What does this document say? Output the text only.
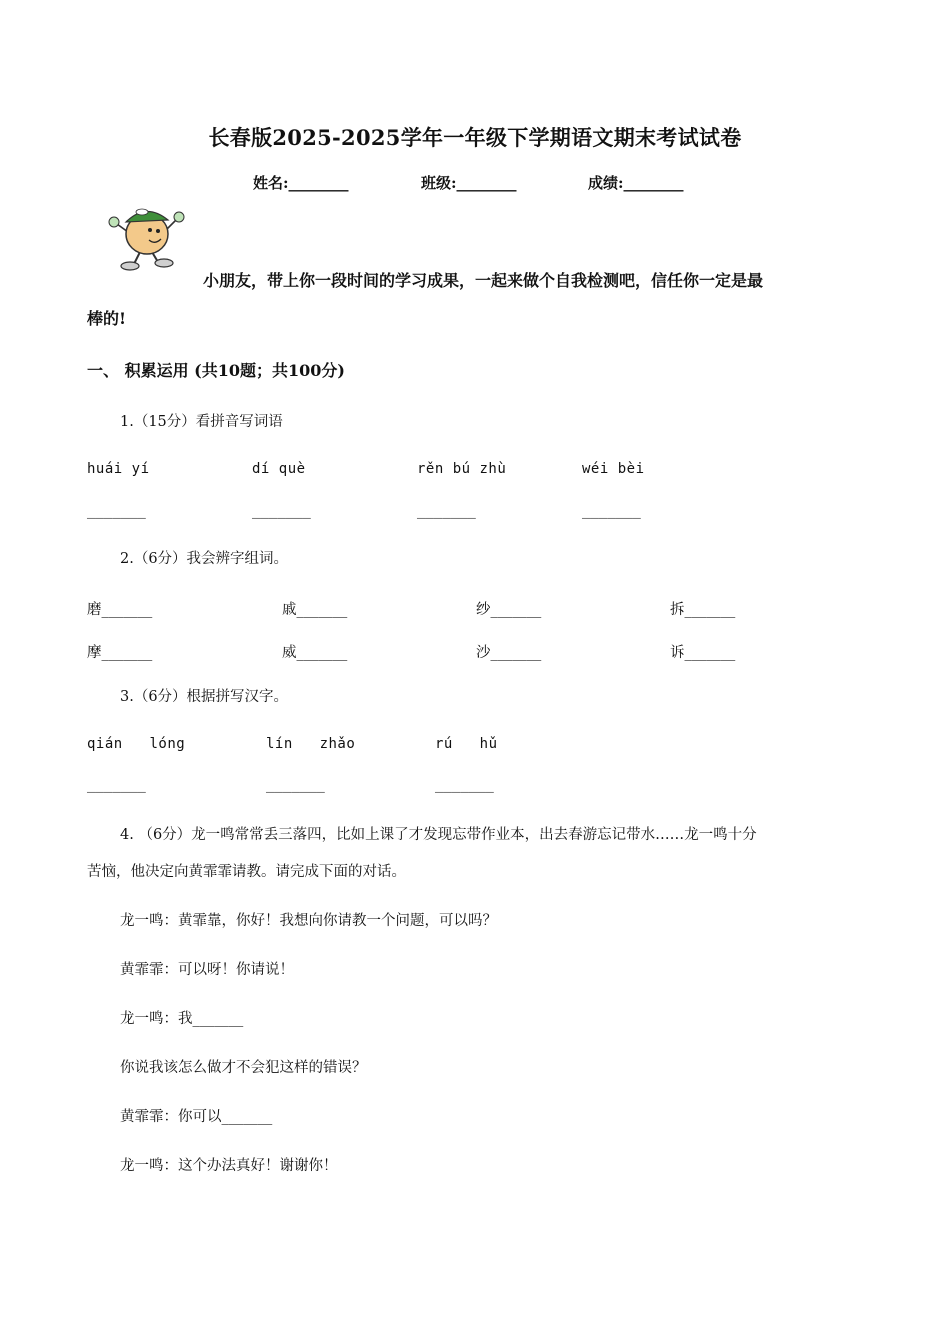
长春版2025-2025学年一年级下学期语文期末考试试卷
姓名:________	班级:________	成绩:________
小朋友，带上你一段时间的学习成果，一起来做个自我检测吧，信任你一定是最
棒的!
一、 积累运用 (共10题；共100分)
1.（15分）看拼音写词语
huái yí	dí què	rěn bú zhù	wéi bèi
_______	_______	_______	_______
2.（6分）我会辨字组词。
磨_______	戚_______	纱_______	拆_______
摩_______	威_______	沙_______	诉_______
3.（6分）根据拼写汉字。
qián   lóng	lín   zhǎo	rú   hǔ
_______	_______	_______
4. （6分）龙一鸣常常丢三落四，比如上课了才发现忘带作业本，出去春游忘记带水……龙一鸣十分
苦恼，他决定向黄霏霏请教。请完成下面的对话。
龙一鸣：黄霏靠，你好！我想向你请教一个问题，可以吗？
黄霏霏：可以呀！你请说！
龙一鸣：我_______
你说我该怎么做才不会犯这样的错误？
黄霏霏：你可以_______
龙一鸣：这个办法真好！谢谢你！
